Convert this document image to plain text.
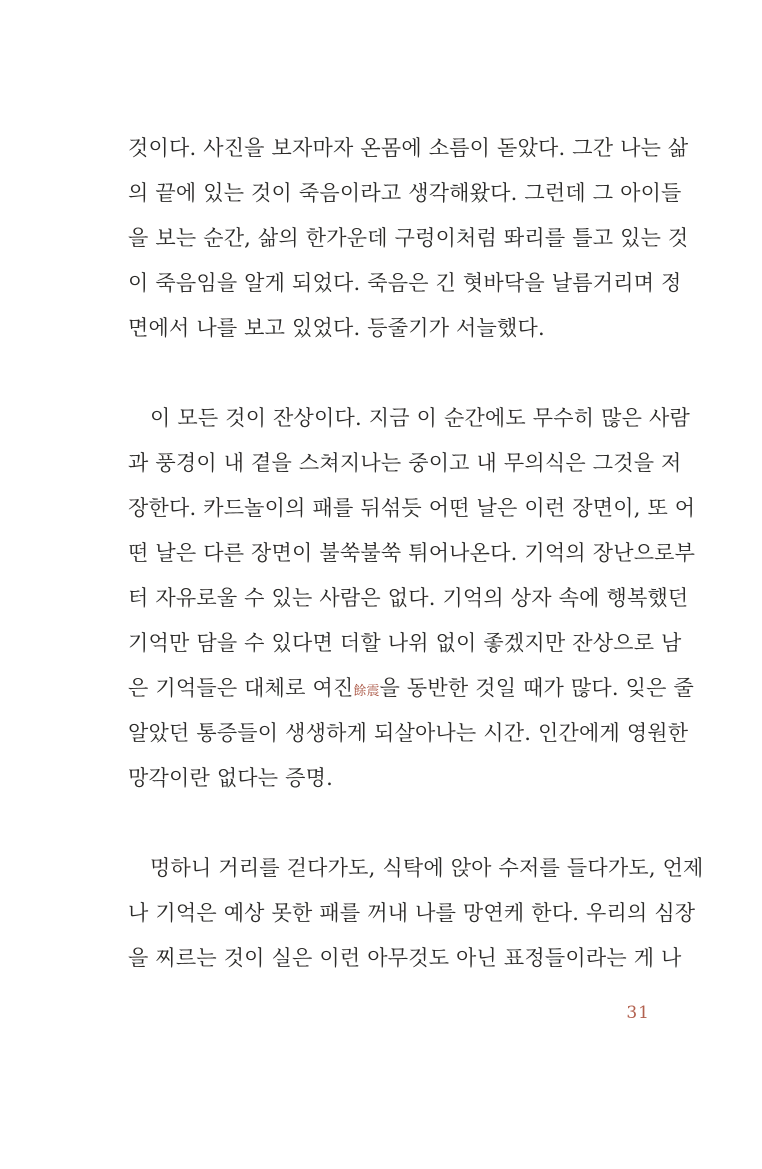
것이다. 사진을 보자마자 온몸에 소름이 돋았다. 그간 나는 삶
의 끝에 있는 것이 죽음이라고 생각해왔다. 그런데 그 아이들
을 보는 순간, 삶의 한가운데 구렁이처럼 똬리를 틀고 있는 것
이 죽음임을 알게 되었다. 죽음은 긴 혓바닥을 날름거리며 정
면에서 나를 보고 있었다. 등줄기가 서늘했다.
이 모든 것이 잔상이다. 지금 이 순간에도 무수히 많은 사람
과 풍경이 내 곁을 스쳐지나는 중이고 내 무의식은 그것을 저
장한다. 카드놀이의 패를 뒤섞듯 어떤 날은 이런 장면이, 또 어
떤 날은 다른 장면이 불쑥불쑥 튀어나온다. 기억의 장난으로부
터 자유로울 수 있는 사람은 없다. 기억의 상자 속에 행복했던
기억만 담을 수 있다면 더할 나위 없이 좋겠지만 잔상으로 남
은 기억들은 대체로 여진餘震을 동반한 것일 때가 많다. 잊은 줄
알았던 통증들이 생생하게 되살아나는 시간. 인간에게 영원한
망각이란 없다는 증명.
멍하니 거리를 걷다가도, 식탁에 앉아 수저를 들다가도, 언제
나 기억은 예상 못한 패를 꺼내 나를 망연케 한다. 우리의 심장
을 찌르는 것이 실은 이런 아무것도 아닌 표정들이라는 게 나
31
